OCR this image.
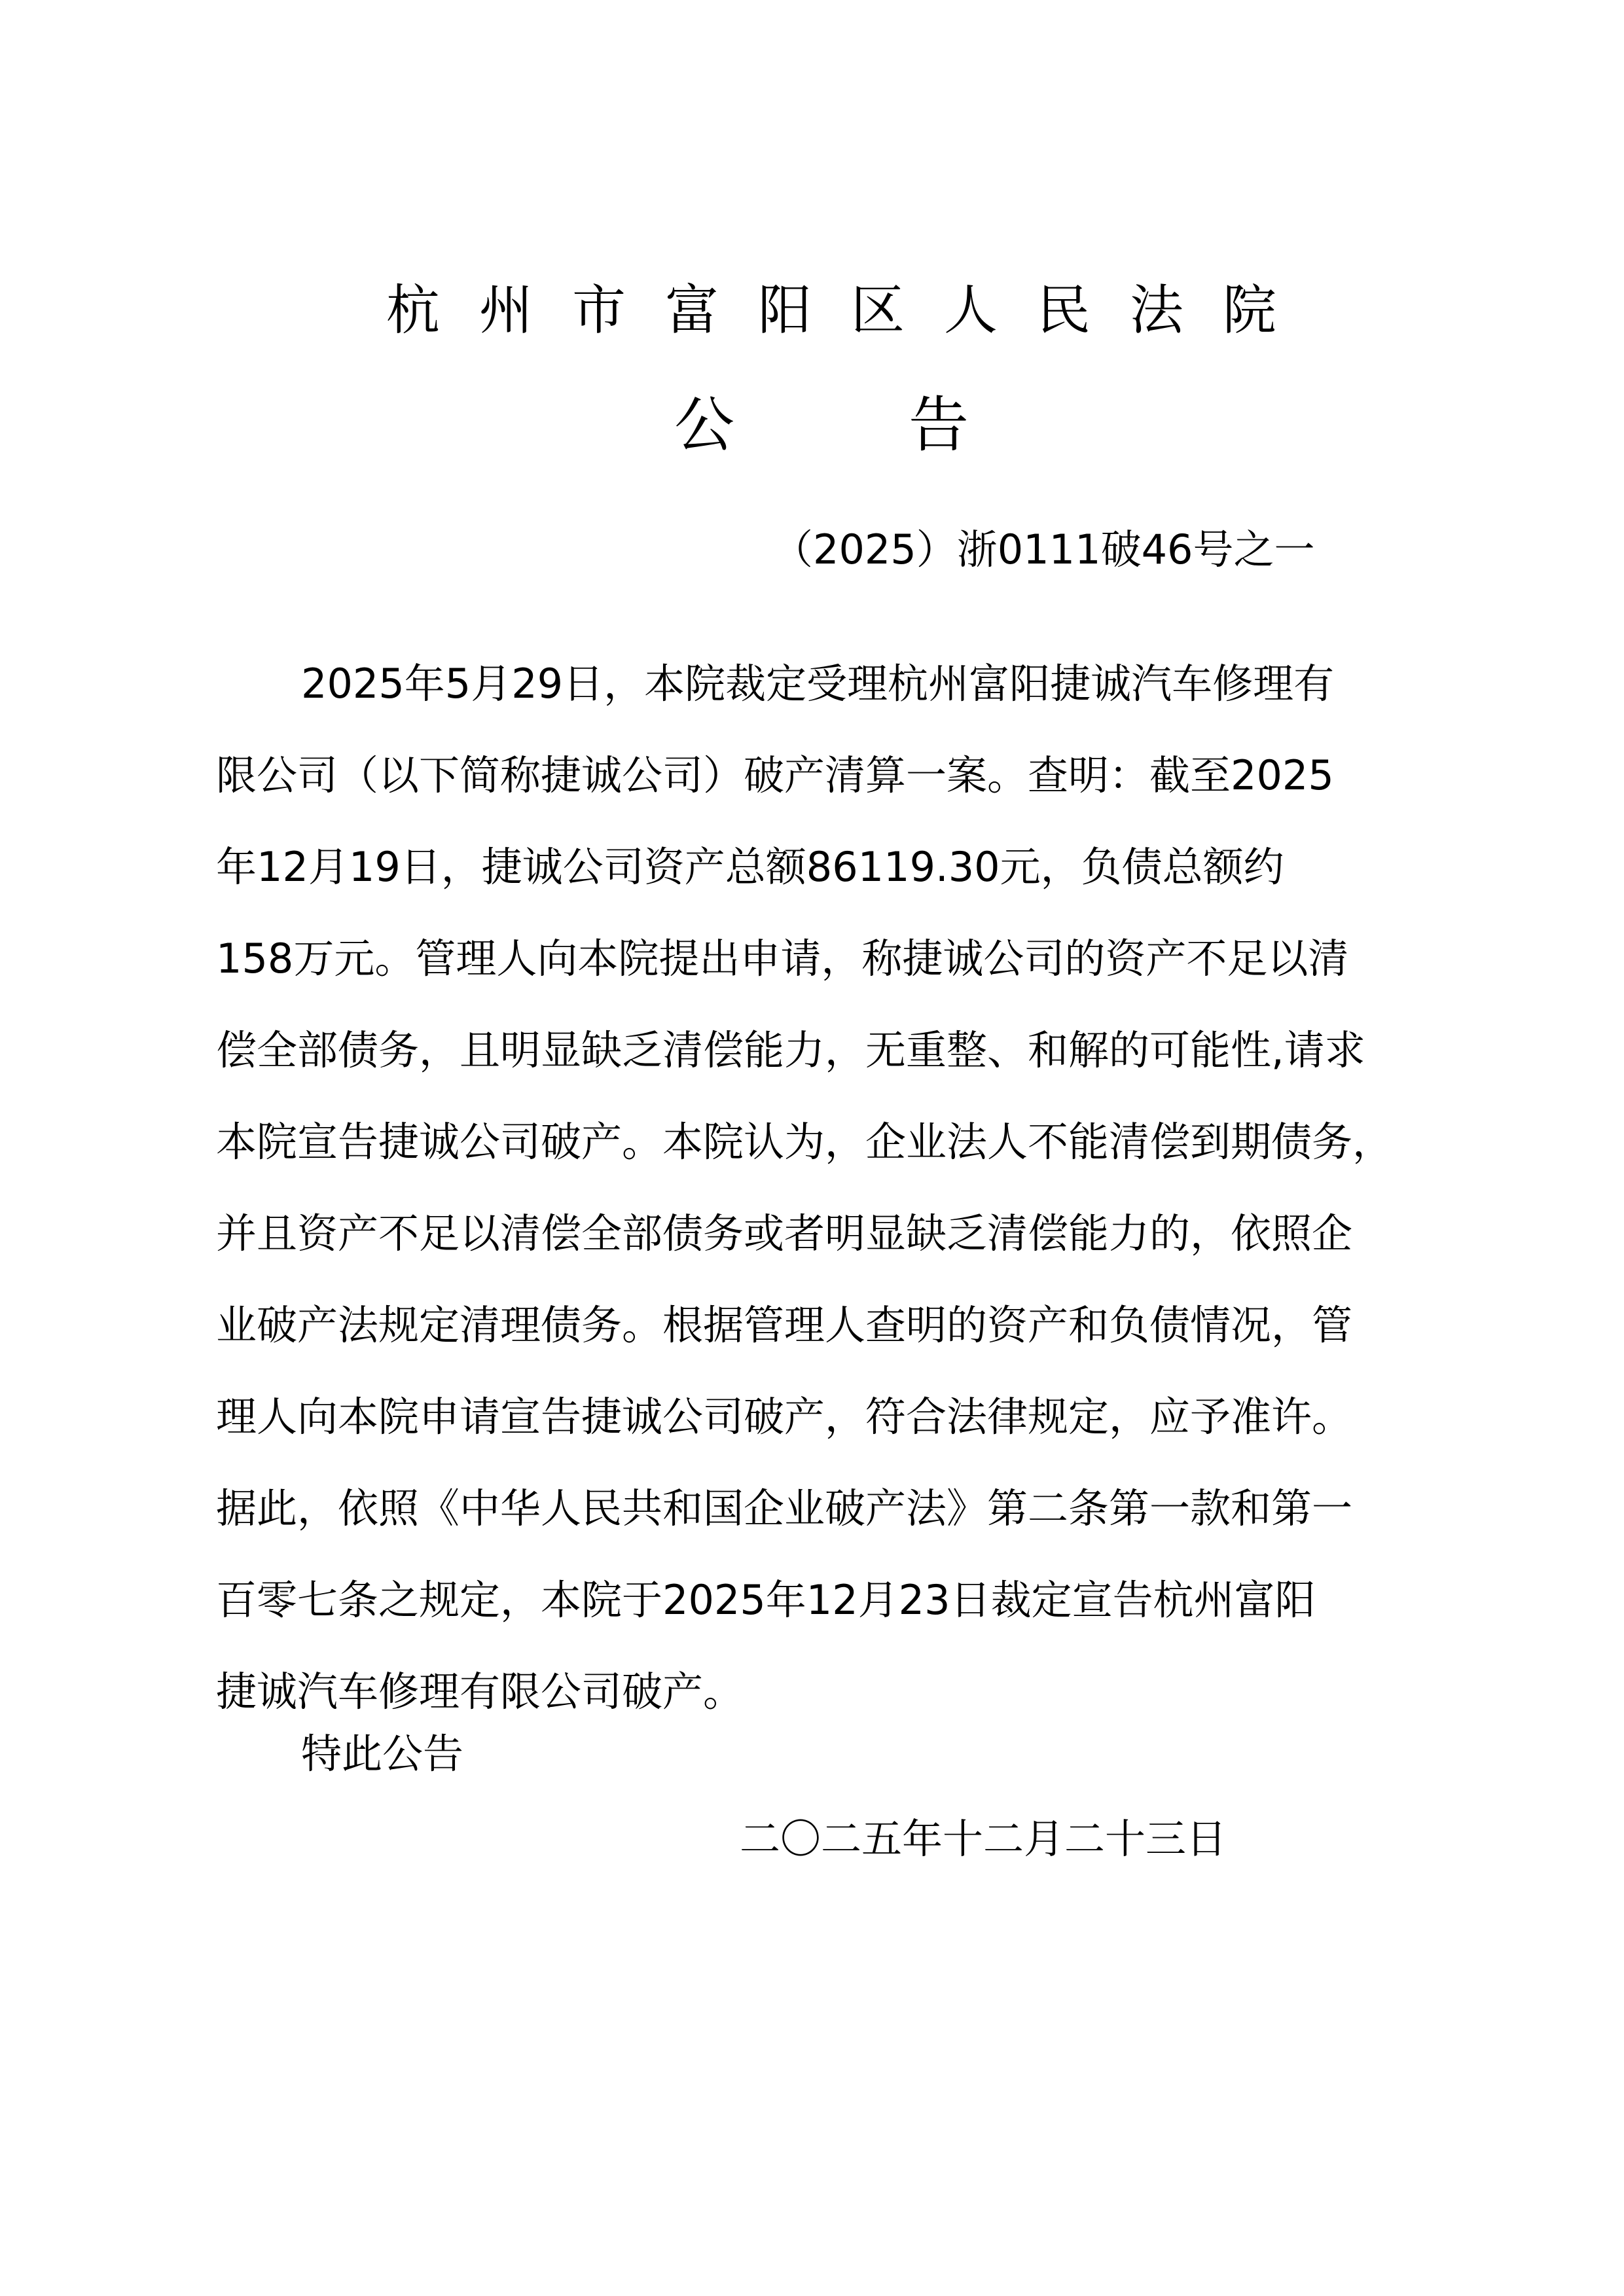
杭 州 市 富 阳 区 人 民 法 院
公	告
（2025）浙0111破46号之一
2025年5月29日，本院裁定受理杭州富阳捷诚汽车修理有
限公司（以下简称捷诚公司）破产清算一案。查明：截至2025
年12月19日，捷诚公司资产总额86119.30元，负债总额约
158万元。管理人向本院提出申请，称捷诚公司的资产不足以清
偿全部债务，且明显缺乏清偿能力，无重整、和解的可能性,请求
本院宣告捷诚公司破产。本院认为，企业法人不能清偿到期债务，
并且资产不足以清偿全部债务或者明显缺乏清偿能力的，依照企
业破产法规定清理债务。根据管理人查明的资产和负债情况，管
理人向本院申请宣告捷诚公司破产，符合法律规定，应予准许。
据此，依照《中华人民共和国企业破产法》第二条第一款和第一
百零七条之规定，本院于2025年12月23日裁定宣告杭州富阳
捷诚汽车修理有限公司破产。
特此公告
二〇二五年十二月二十三日
